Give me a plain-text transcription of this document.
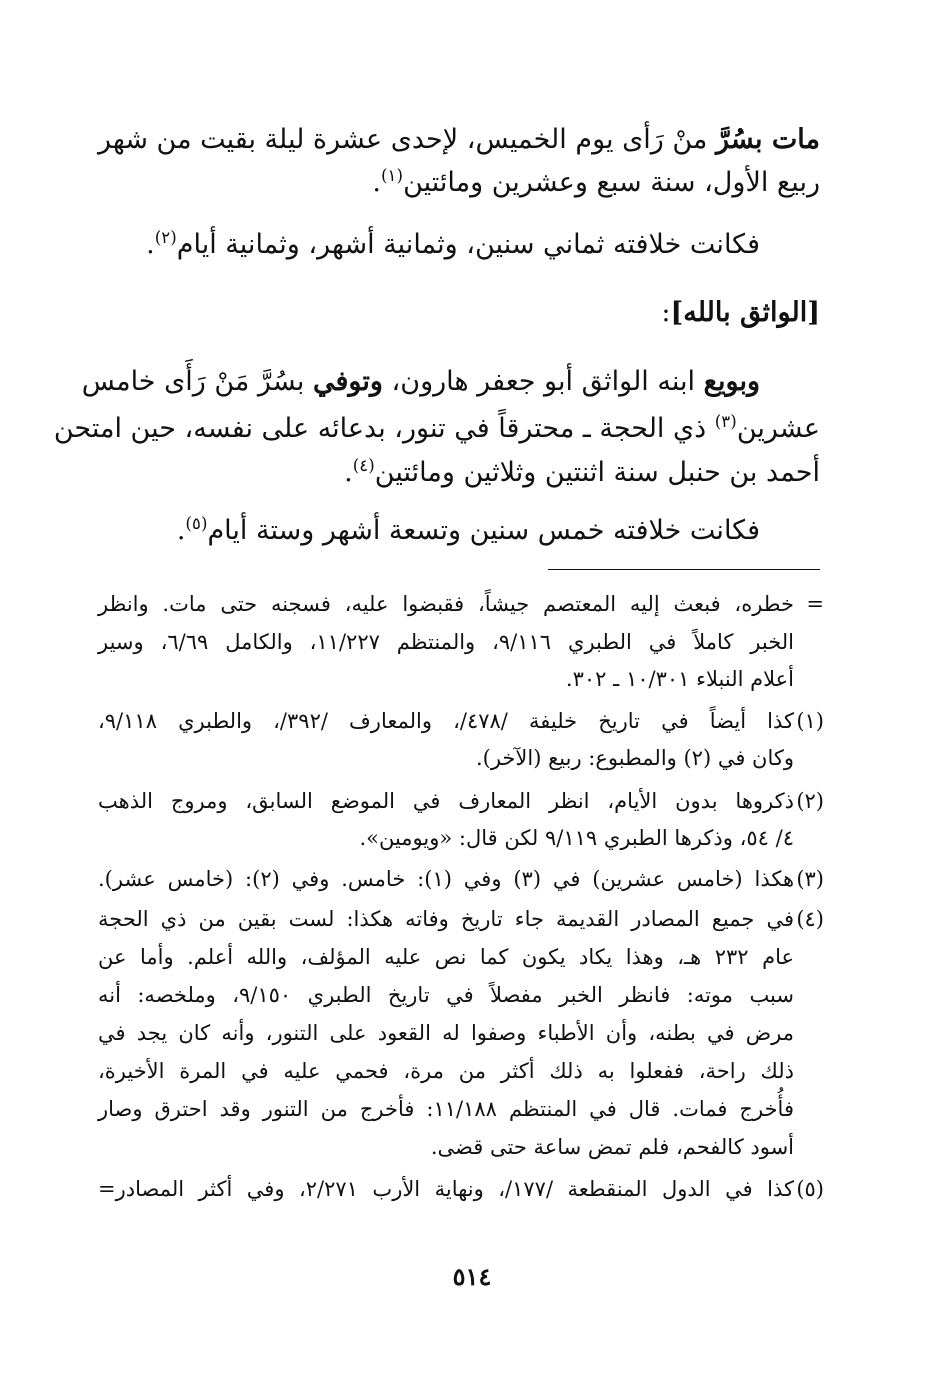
مات بسُرَّ منْ رَأى يوم الخميس، لإحدى عشرة ليلة بقيت من شهر
ربيع الأول، سنة سبع وعشرين ومائتين$^{(١)}$.
فكانت خلافته ثماني سنين، وثمانية أشهر، وثمانية أيام$^{(٢)}$.
[الواثق بالله]:
وبويع ابنه الواثق أبو جعفر هارون، وتوفي بسُرَّ مَنْ رَأَى خامس
عشرين$^{(٣)}$ ذي الحجة ـ محترقاً في تنور، بدعائه على نفسه، حين امتحن
أحمد بن حنبل سنة اثنتين وثلاثين ومائتين$^{(٤)}$.
فكانت خلافته خمس سنين وتسعة أشهر وستة أيام$^{(٥)}$.
=
خطره، فبعث إليه المعتصم جيشاً، فقبضوا عليه، فسجنه حتى مات. وانظر
الخبر كاملاً في الطبري ٩/١١٦، والمنتظم ١١/٢٢٧، والكامل ٦/٦٩، وسير
أعلام النبلاء ١٠/٣٠١ ـ ٣٠٢.
(١)
كذا أيضاً في تاريخ خليفة /٤٧٨/، والمعارف /٣٩٢/، والطبري ٩/١١٨،
وكان في (٢) والمطبوع: ربيع (الآخر).
(٢)
ذكروها بدون الأيام، انظر المعارف في الموضع السابق، ومروج الذهب
٤/ ٥٤، وذكرها الطبري ٩/١١٩ لكن قال: «ويومين».
(٣)
هكذا (خامس عشرين) في (٣) وفي (١): خامس. وفي (٢): (خامس عشر).
(٤)
في جميع المصادر القديمة جاء تاريخ وفاته هكذا: لست بقين من ذي الحجة
عام ٢٣٢ هـ، وهذا يكاد يكون كما نص عليه المؤلف، والله أعلم. وأما عن
سبب موته: فانظر الخبر مفصلاً في تاريخ الطبري ٩/١٥٠، وملخصه: أنه
مرض في بطنه، وأن الأطباء وصفوا له القعود على التنور، وأنه كان يجد في
ذلك راحة، ففعلوا به ذلك أكثر من مرة، فحمي عليه في المرة الأخيرة،
فأُخرج فمات. قال في المنتظم ١١/١٨٨: فأخرج من التنور وقد احترق وصار
أسود كالفحم، فلم تمض ساعة حتى قضى.
(٥)
كذا في الدول المنقطعة /١٧٧/، ونهاية الأرب ٢/٢٧١، وفي أكثر المصادر=
٥١٤
